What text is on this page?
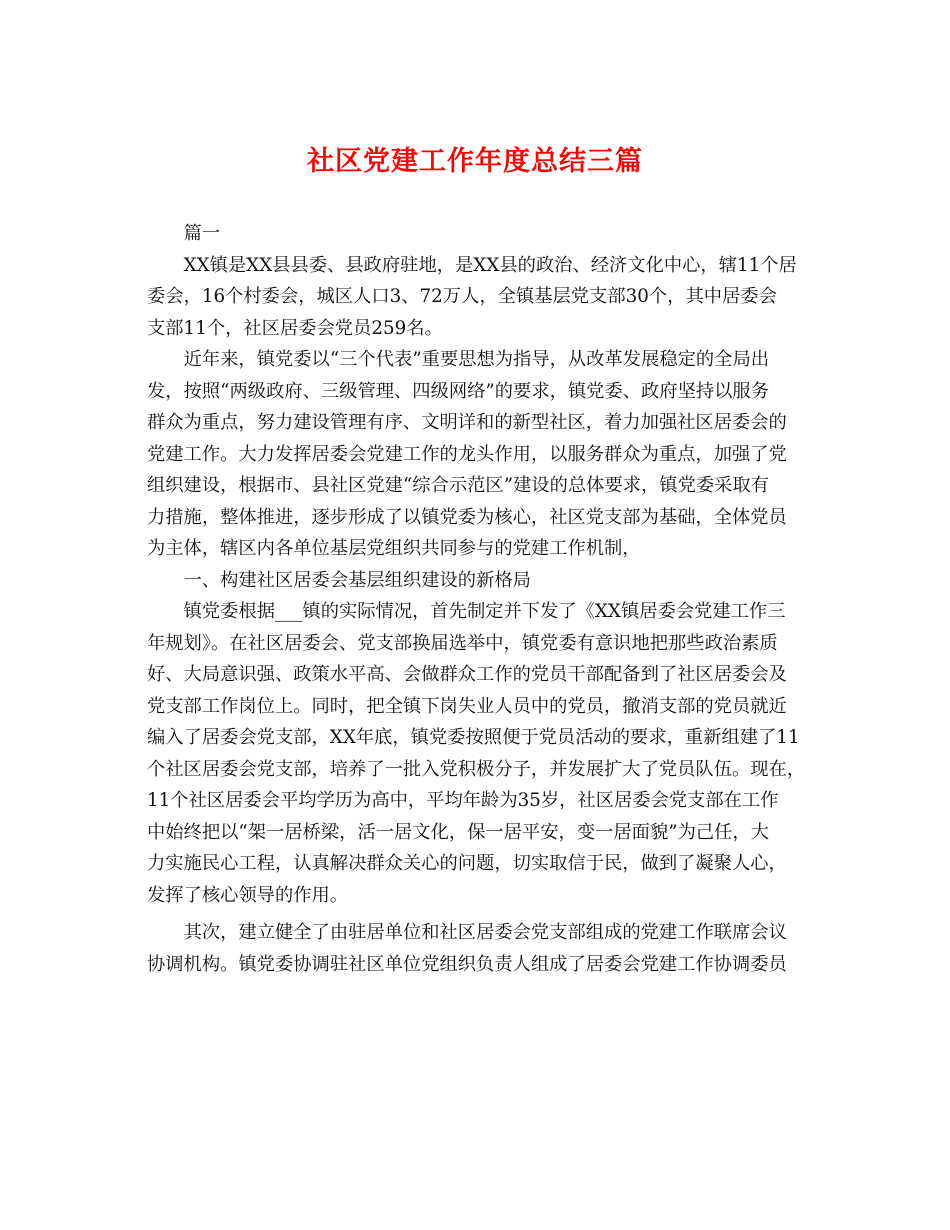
社区党建工作年度总结三篇
篇一
XX镇是XX县县委、县政府驻地，是XX县的政治、经济文化中心，辖11个居
委会，16个村委会，城区人口3、72万人，全镇基层党支部30个，其中居委会
支部11个，社区居委会党员259名。
近年来，镇党委以“三个代表”重要思想为指导，从改革发展稳定的全局出
发，按照“两级政府、三级管理、四级网络”的要求，镇党委、政府坚持以服务
群众为重点，努力建设管理有序、文明详和的新型社区，着力加强社区居委会的
党建工作。大力发挥居委会党建工作的龙头作用，以服务群众为重点，加强了党
组织建设，根据市、县社区党建“综合示范区”建设的总体要求，镇党委采取有
力措施，整体推进，逐步形成了以镇党委为核心，社区党支部为基础，全体党员
为主体，辖区内各单位基层党组织共同参与的党建工作机制，
一、构建社区居委会基层组织建设的新格局
镇党委根据___镇的实际情况，首先制定并下发了《XX镇居委会党建工作三
年规划》。在社区居委会、党支部换届选举中，镇党委有意识地把那些政治素质
好、大局意识强、政策水平高、会做群众工作的党员干部配备到了社区居委会及
党支部工作岗位上。同时，把全镇下岗失业人员中的党员，撤消支部的党员就近
编入了居委会党支部，XX年底，镇党委按照便于党员活动的要求，重新组建了11
个社区居委会党支部，培养了一批入党积极分子，并发展扩大了党员队伍。现在，
11个社区居委会平均学历为高中，平均年龄为35岁，社区居委会党支部在工作
中始终把以“架一居桥梁，活一居文化，保一居平安，变一居面貌”为己任，大
力实施民心工程，认真解决群众关心的问题，切实取信于民，做到了凝聚人心，
发挥了核心领导的作用。
其次，建立健全了由驻居单位和社区居委会党支部组成的党建工作联席会议
协调机构。镇党委协调驻社区单位党组织负责人组成了居委会党建工作协调委员
